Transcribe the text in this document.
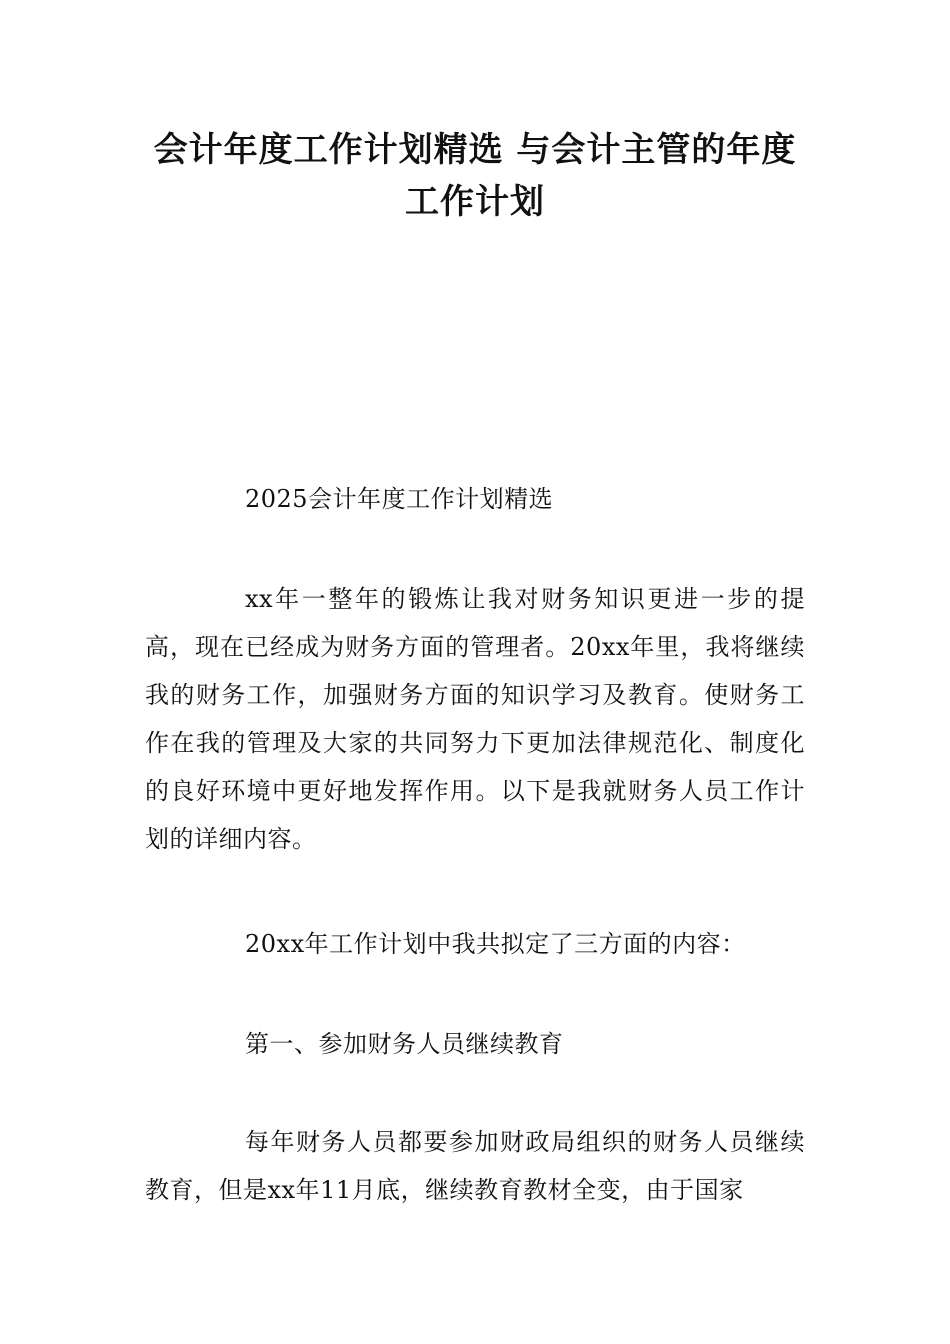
会计年度工作计划精选 与会计主管的年度
工作计划

2025会计年度工作计划精选

xx年一整年的锻炼让我对财务知识更进一步的提高，现在已经成为财务方面的管理者。20xx年里，我将继续我的财务工作，加强财务方面的知识学习及教育。使财务工作在我的管理及大家的共同努力下更加法律规范化、制度化的良好环境中更好地发挥作用。以下是我就财务人员工作计划的详细内容。

20xx年工作计划中我共拟定了三方面的内容：

第一、参加财务人员继续教育

每年财务人员都要参加财政局组织的财务人员继续教育，但是xx年11月底，继续教育教材全变，由于国家
